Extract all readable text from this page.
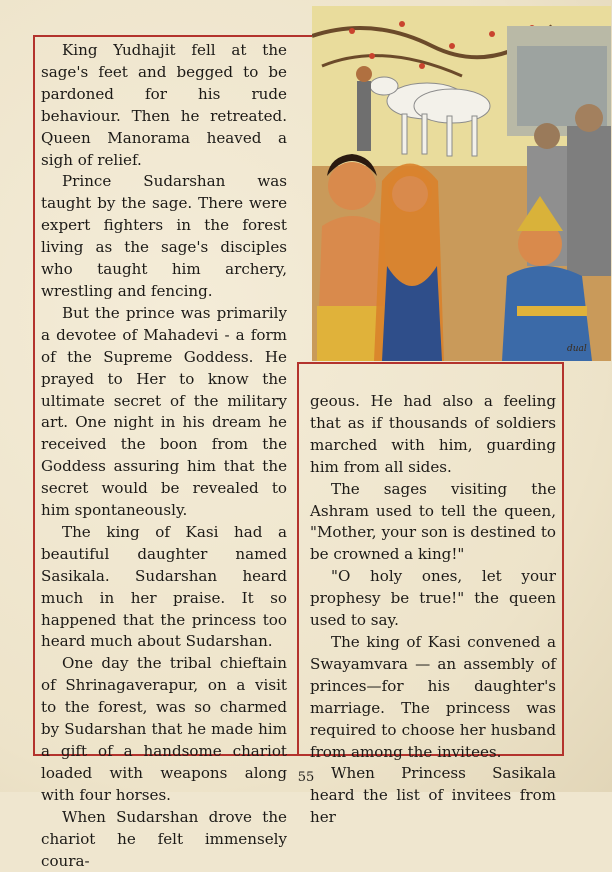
King Yudhajit fell at the sage's feet and begged to be pardoned for his rude behaviour. Then he retreated. Queen Manorama heaved a sigh of relief.

Prince Sudarshan was taught by the sage. There were expert fighters in the forest living as the sage's disciples who taught him archery, wrestling and fencing.

But the prince was primarily a devotee of Mahadevi - a form of the Supreme Goddess. He prayed to Her to know the ultimate secret of the military art. One night in his dream he received the boon from the Goddess assuring him that the secret would be revealed to him spontaneously.

The king of Kasi had a beautiful daughter named Sasikala. Sudarshan heard much in her praise. It so happened that the princess too heard much about Sudarshan.

One day the tribal chieftain of Shrinagaverapur, on a visit to the forest, was so charmed by Sudarshan that he made him a gift of a handsome chariot loaded with weapons along with four horses.

When Sudarshan drove the chariot he felt immensely coura-

dual

geous. He had also a feeling that as if thousands of soldiers marched with him, guarding him from all sides.

The sages visiting the Ashram used to tell the queen, "Mother, your son is destined to be crowned a king!"

"O holy ones, let your prophesy be true!" the queen used to say.

The king of Kasi convened a Swayamvara — an assembly of princes—for his daughter's marriage. The princess was required to choose her husband from among the invitees.

When Princess Sasikala heard the list of invitees from her

55
